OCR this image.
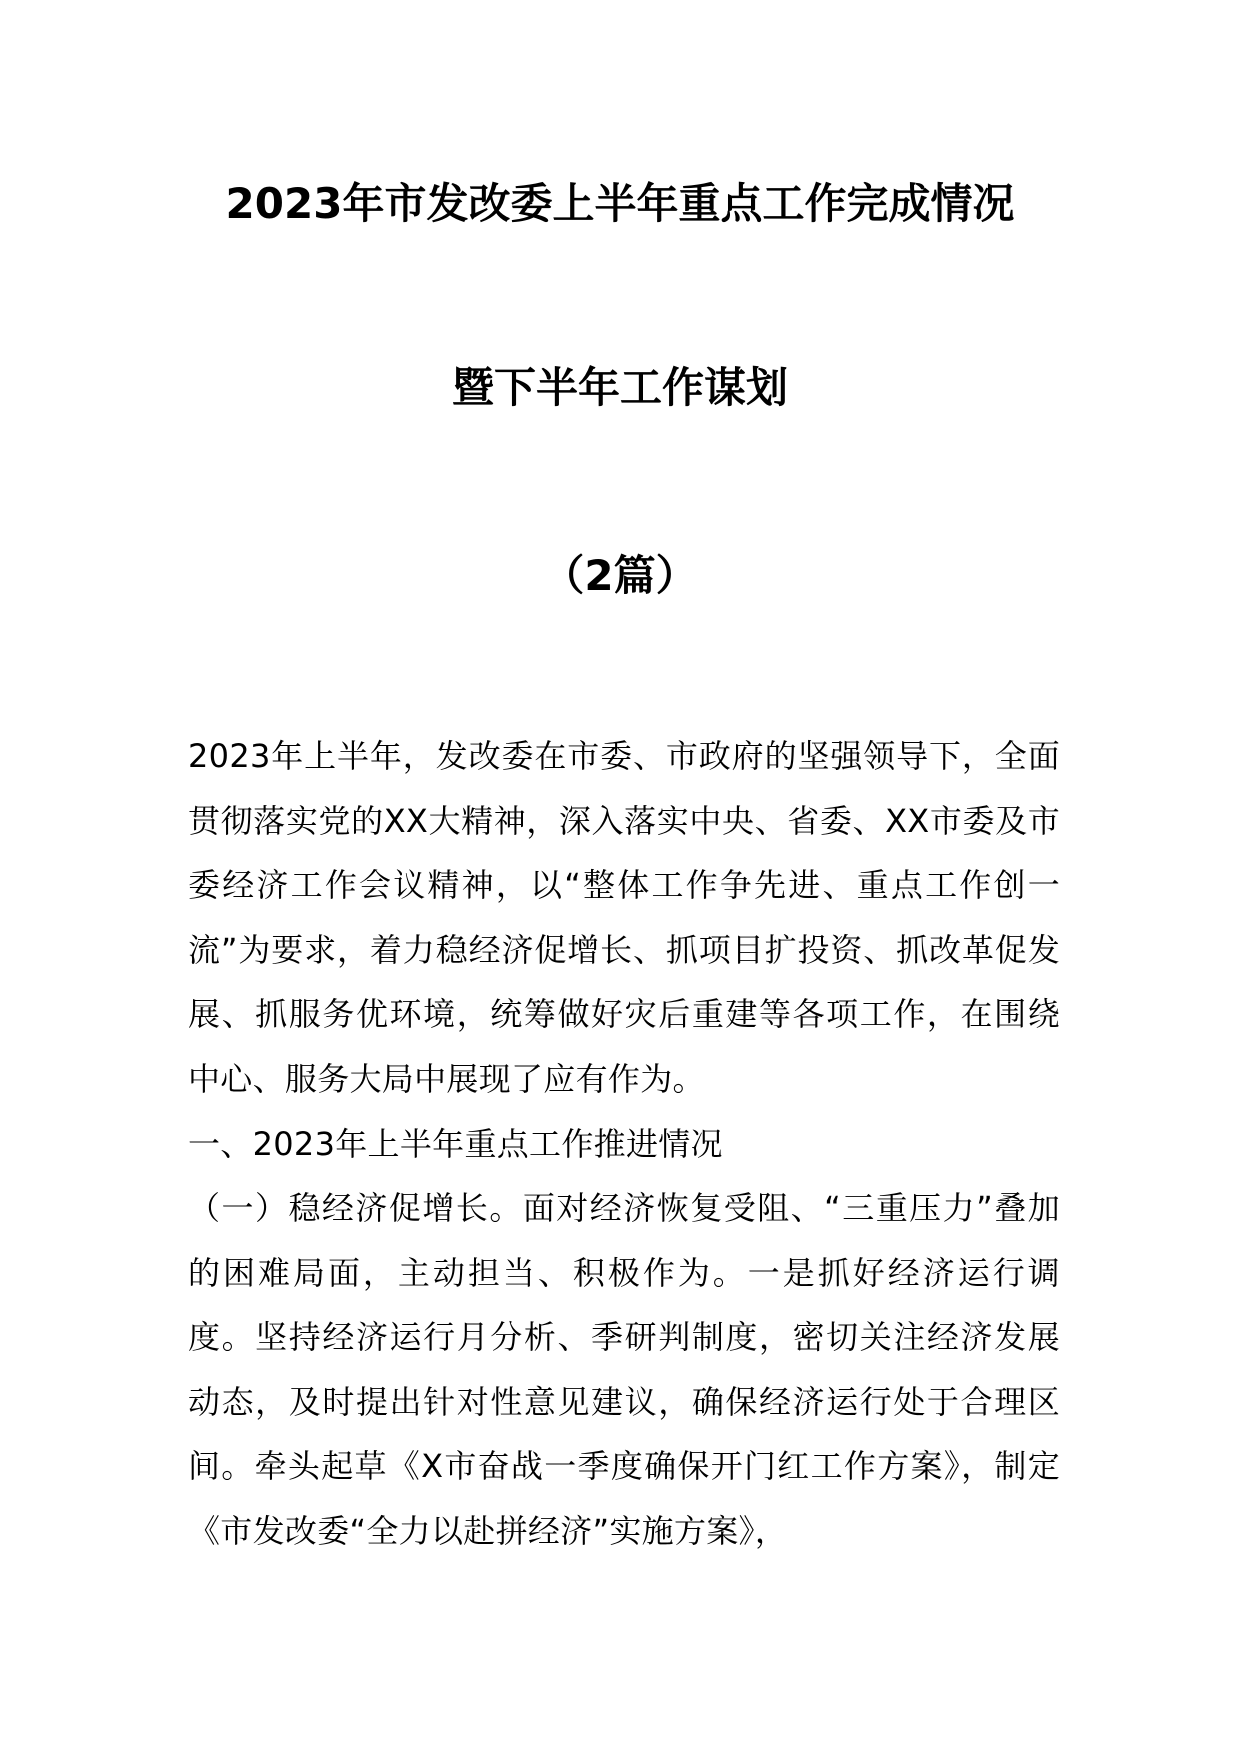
2023年市发改委上半年重点工作完成情况
暨下半年工作谋划
（2篇）

2023年上半年，发改委在市委、市政府的坚强领导下，全面贯彻落实党的XX大精神，深入落实中央、省委、XX市委及市委经济工作会议精神，以“整体工作争先进、重点工作创一流”为要求，着力稳经济促增长、抓项目扩投资、抓改革促发展、抓服务优环境，统筹做好灾后重建等各项工作，在围绕中心、服务大局中展现了应有作为。

一、2023年上半年重点工作推进情况

（一）稳经济促增长。面对经济恢复受阻、“三重压力”叠加的困难局面，主动担当、积极作为。一是抓好经济运行调度。坚持经济运行月分析、季研判制度，密切关注经济发展动态，及时提出针对性意见建议，确保经济运行处于合理区间。牵头起草《X市奋战一季度确保开门红工作方案》，制定《市发改委“全力以赴拼经济”实施方案》，
